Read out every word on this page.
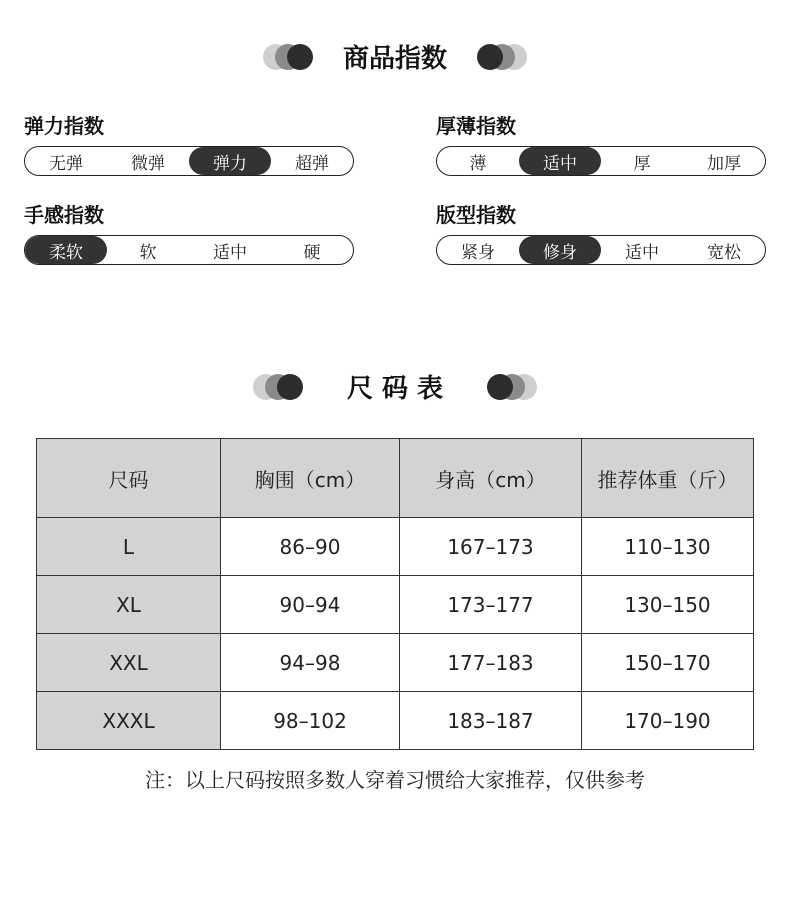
商品指数
弹力指数
无弹	微弹	弹力	超弹
厚薄指数
薄	适中	厚	加厚
手感指数
柔软	软	适中	硬
版型指数
紧身	修身	适中	宽松
尺 码 表
尺码	胸围（cm）	身高（cm）	推荐体重（斤）
L	86–90	167–173	110–130
XL	90–94	173–177	130–150
XXL	94–98	177–183	150–170
XXXL	98–102	183–187	170–190
注：以上尺码按照多数人穿着习惯给大家推荐，仅供参考
